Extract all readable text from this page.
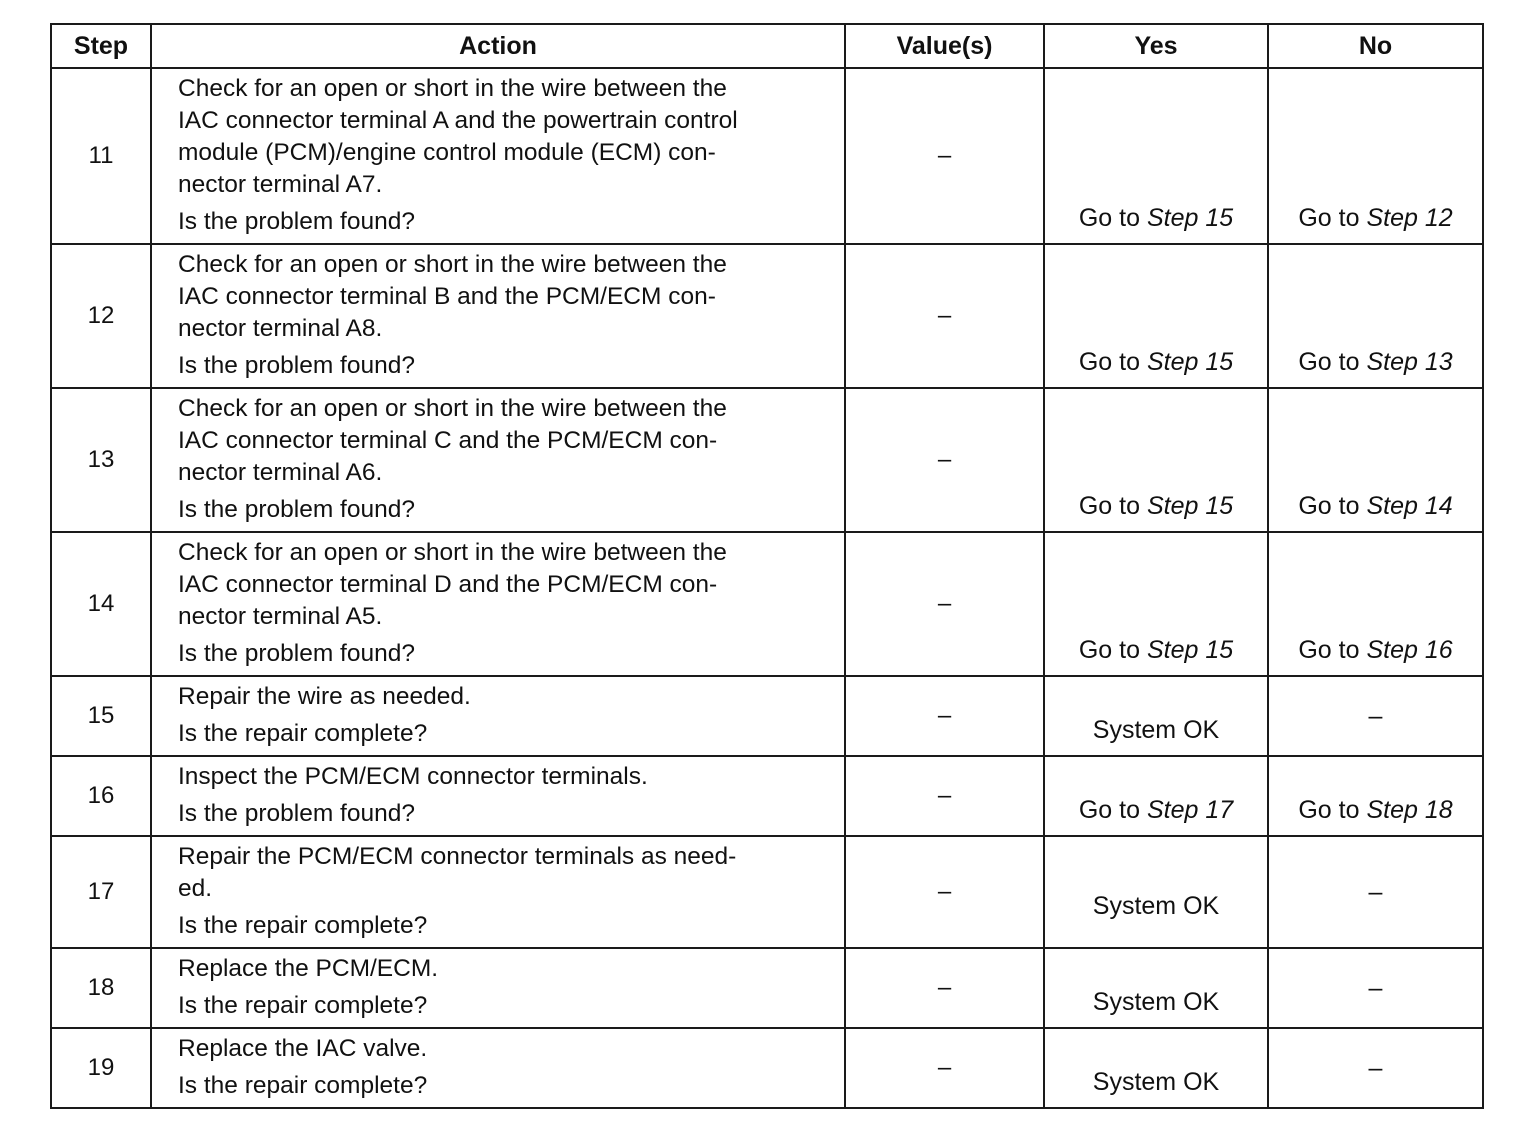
Step	Action	Value(s)	Yes	No
11	Check for an open or short in the wire between the
IAC connector terminal A and the powertrain control
module (PCM)/engine control module (ECM) con-
nector terminal A7.
Is the problem found?	–	Go to Step 15	Go to Step 12
12	Check for an open or short in the wire between the
IAC connector terminal B and the PCM/ECM con-
nector terminal A8.
Is the problem found?	–	Go to Step 15	Go to Step 13
13	Check for an open or short in the wire between the
IAC connector terminal C and the PCM/ECM con-
nector terminal A6.
Is the problem found?	–	Go to Step 15	Go to Step 14
14	Check for an open or short in the wire between the
IAC connector terminal D and the PCM/ECM con-
nector terminal A5.
Is the problem found?	–	Go to Step 15	Go to Step 16
15	Repair the wire as needed.
Is the repair complete?	–	System OK	–
16	Inspect the PCM/ECM connector terminals.
Is the problem found?	–	Go to Step 17	Go to Step 18
17	Repair the PCM/ECM connector terminals as need-
ed.
Is the repair complete?	–	System OK	–
18	Replace the PCM/ECM.
Is the repair complete?	–	System OK	–
19	Replace the IAC valve.
Is the repair complete?	–	System OK	–
